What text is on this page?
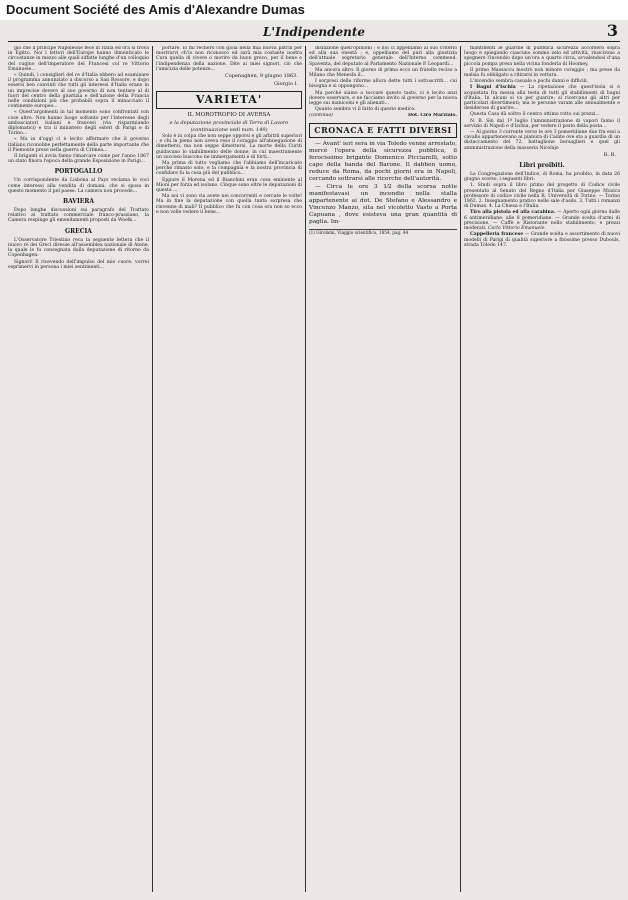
Document Société des Amis d'Alexandre Dumas
L'Indipendente	3

gio che il principe Napoleone fece in Italia ed ora si trova in Egitto. Noi i lettori dell'Europe hanno dimenticato le circostanze in mezzo alle quali siffatte lunghe d'un colloquio del cugino dell'imperatore del Francesi col re Vittorio Emanuele...

« Quindi, i consiglieri del re d'Italia ebbero ad esaminare il programma annunziato a discorso a San Rossore, e dopo essersi ben convinti che tutti gli interessi d'Italia erano in un imprecise dovere al suo governo di non tentare al di fuori del centro della giustizia e dell'azione della Francia nelle condizioni più che probabili sopra il minacciato il continente europeo...

« Quest'argomenti in tal momento sono confrontati con cose altre. Non hanno luogo soltanto per l'interesse degli ambasciatori italiani e francesi (via risparmiando diplomatici) e tra il ministero degli esteri di Parigi e di Torino...

« Ma in d'oggi ci è lecito affermare che il governo italiano riconobbe perfettamente della parte importante che il Piemonte prese nella guerra di Crimea...

Il briganti si avvia fanno rimarcare come per l'anno 1867 un stato finora l'epoca della grande Esposizione in Parigi...

PORTOGALLO

Un corrispondente da Lisbona al Pays reclama le voci come interessi alla vendita di domani, che si sposa in questo momento il pel paese. La camera non procede...

BAVIERA

Dopo lunghe discussioni sui paragrafo del Trattato relativo al trattato commerciale franco-prussiano, la Camera respinge gli emendamenti proposti da Woelk...

GRECIA

L'Osservatore Triestino reca la seguente lettera che il nuovo re dei Greci diresse all'assemblea nazionale di Atene, la quale le fu consegnata dalla deputazione di ritorno da Copenhagen:

Signori! Il ricevendo dell'impulso del mio cuore, vorrei esprimervi in persona i miei sentimenti...

portare. Io mi recherò con gioia nella mia nuova patria per mostrarvi ch'io non riconosco ed sarà mia costante nostra Cura quella di vivere o morire da buon greco, per il bene e l'indipendenza della nazione. Dite ai miei signori, ciò che l'amicizia delle potenze...

Copenaghen, 9 giugno 1863.

Giorgio I.

VARIETA'

IL MOROTROFIO DI AVERSA

e la deputazione provinciale di Terra di Lavoro

(continuazione vedi num. 149)

Solo è in colpa che non seppe opporsi e gli arbitrii superiori ; e chi in pieno non aveva reso il coraggio all'abnegazione di dimettersi, ma non seppe dimettersi. La morte della Curiti guidavano lo stabilimento delle donne, in cui maestramente un succeso buscono ne immergamenti e di forti...

Ma prima di tutto vogliamo che l'abbiamo dell'incaricato perché rimasto solo, e la compagnia e la nostra provincia di confidare fu la cosa più del pubblico...

Eppure il Morena ed il Bianchini eran cosa eminente al Mioni per forza ed isolano. Cinque sono oltre le deputazioni di questa ...

Ma noi vi sono via avete nei concorrenti e cercate le volte! Ma in fine la deputazione con quella tanta sorpresa che rinvenne di mali? Il pubblico che fu con cosa ora non so ecco e non volle vedere il bene...

disfazione quell'opinioni ; e noi ci appelliamo al suo criterio ed alla sua onestà ; e, oppelliamo del pari alla giustizia dell'attuale segretario generale dell'Interno commend. Spaventa, del deputato al Parlamento Nazionale P. Leopardi...

Ma ancora altro. Il giorno di prima ecco un fratello reciso a Milano che Menesfa il...

I sorpresi delle riforme allora dette tutti i sottoscritti... cui bisogna e si oppongono...

Ma perché siamo a toccare questo tasto, ci è lecito anzi dovere osservare, e ne facciamo invito al governo per la nuova legge sui manicomi e gli alienati...

Quanto sembra vi il fatto di questo medico.

(continua)	Dot. Ciro Marzialo.

CRONACA E FATTI DIVERSI

— Avant' ieri sera in via Toledo venne arrestato, mercè l'opera della sicurezza pubblica, il ferocissimo brigante Domenico Picciarelli, sotto capo della banda del Barone. Il dabben uomo, reduce da Roma, da pochi giorni era in Napoli, cercando sottrarsi alle ricerche dell'autorità.

— Circa le ore 3 1⁄2 della scorsa notte manifestavasi un incendio nella stalla appartenente ai dot. De Stefano e Alessandro e Vincenzo Manzo, sita nel vicoletto Vasto a Porta Capuana , dove esisteva una gran quantità di paglia. Im-

(1) Girolami, Viaggio scientifico, 1854, pag. 44

mantinenti le guardie di pubblica sicurezza accorsero sopra luogo e spiegando ciascuno sommo zelo ed attività, riuscirono a spegnere l'incendio dopo un'ora e quarto circa, avvalendosi d'una piccola pompa presa nella vicina fonderia di Hoomey.

Il primo Massaccu mostrò non minore coraggio ; ma prese da malsia fu obbligato a ritirarsi in vettura.

L'incendio sembra casuale e pochi danni e difficili.

I Bagni d'Ischia — La ripetazione che quest'isola si è acquistata fra messa alla testa di tutti gli stabilimenti di bagni d'Italia. In alcuni si va per guarire; si ricercano gli altri per particolari divertimenti; ma le persone varam alle annualmente e desiderose di guarire...

Questa Casa dà soltro il centro ottimo rotto sui prezzi...

N. B. Sin dal 1º luglio l'amministrazione di vapori fanno il servizio di Napoli e d'Ischia, per vedere il posto della posta...

— Al giorno 3 corrente verso le ore 3 pomeridiane due fra essi a cavallo appartenevano ai pianura di Cainte ove sta a guardia di un distaccamento del 72, battaglione bersaglieri e quel gli amministrazione della masseria Nicolajo

R. R.

Libri proibiti.

La Congregazione dell'Indice, di Roma, ha proibito, in data 26 giugno scorso, i seguenti libri:

1. Studi sopra il libro primo del progetto di Codice civile presentato al Senato del Regno d'Italia per Giuseppe Musica professore di codice civile nella R. Università di Torino. — Torino 1862. 2. Insegnamento pratico nelle sale d'asilo. 3. Tutti i romanzi di Dumas. 4. La Chiesa e l'Italia.

Tiro alla pistola ed alla carabina. — Aperto ogni giorno dalle 6 antimeridiane, alle 8 pomeridiane. — Grande scelta d'armi di precisione. — Caffè e Ristorante nello stabilimento, e prezzi moderati. Carlo Vittorio Emanuele.

Cappelleria francese — Grande scelta e assortimento di nuovi modelli di Parigi di qualità superiore a finissime presso Dubouls, strada Toledo 147.
